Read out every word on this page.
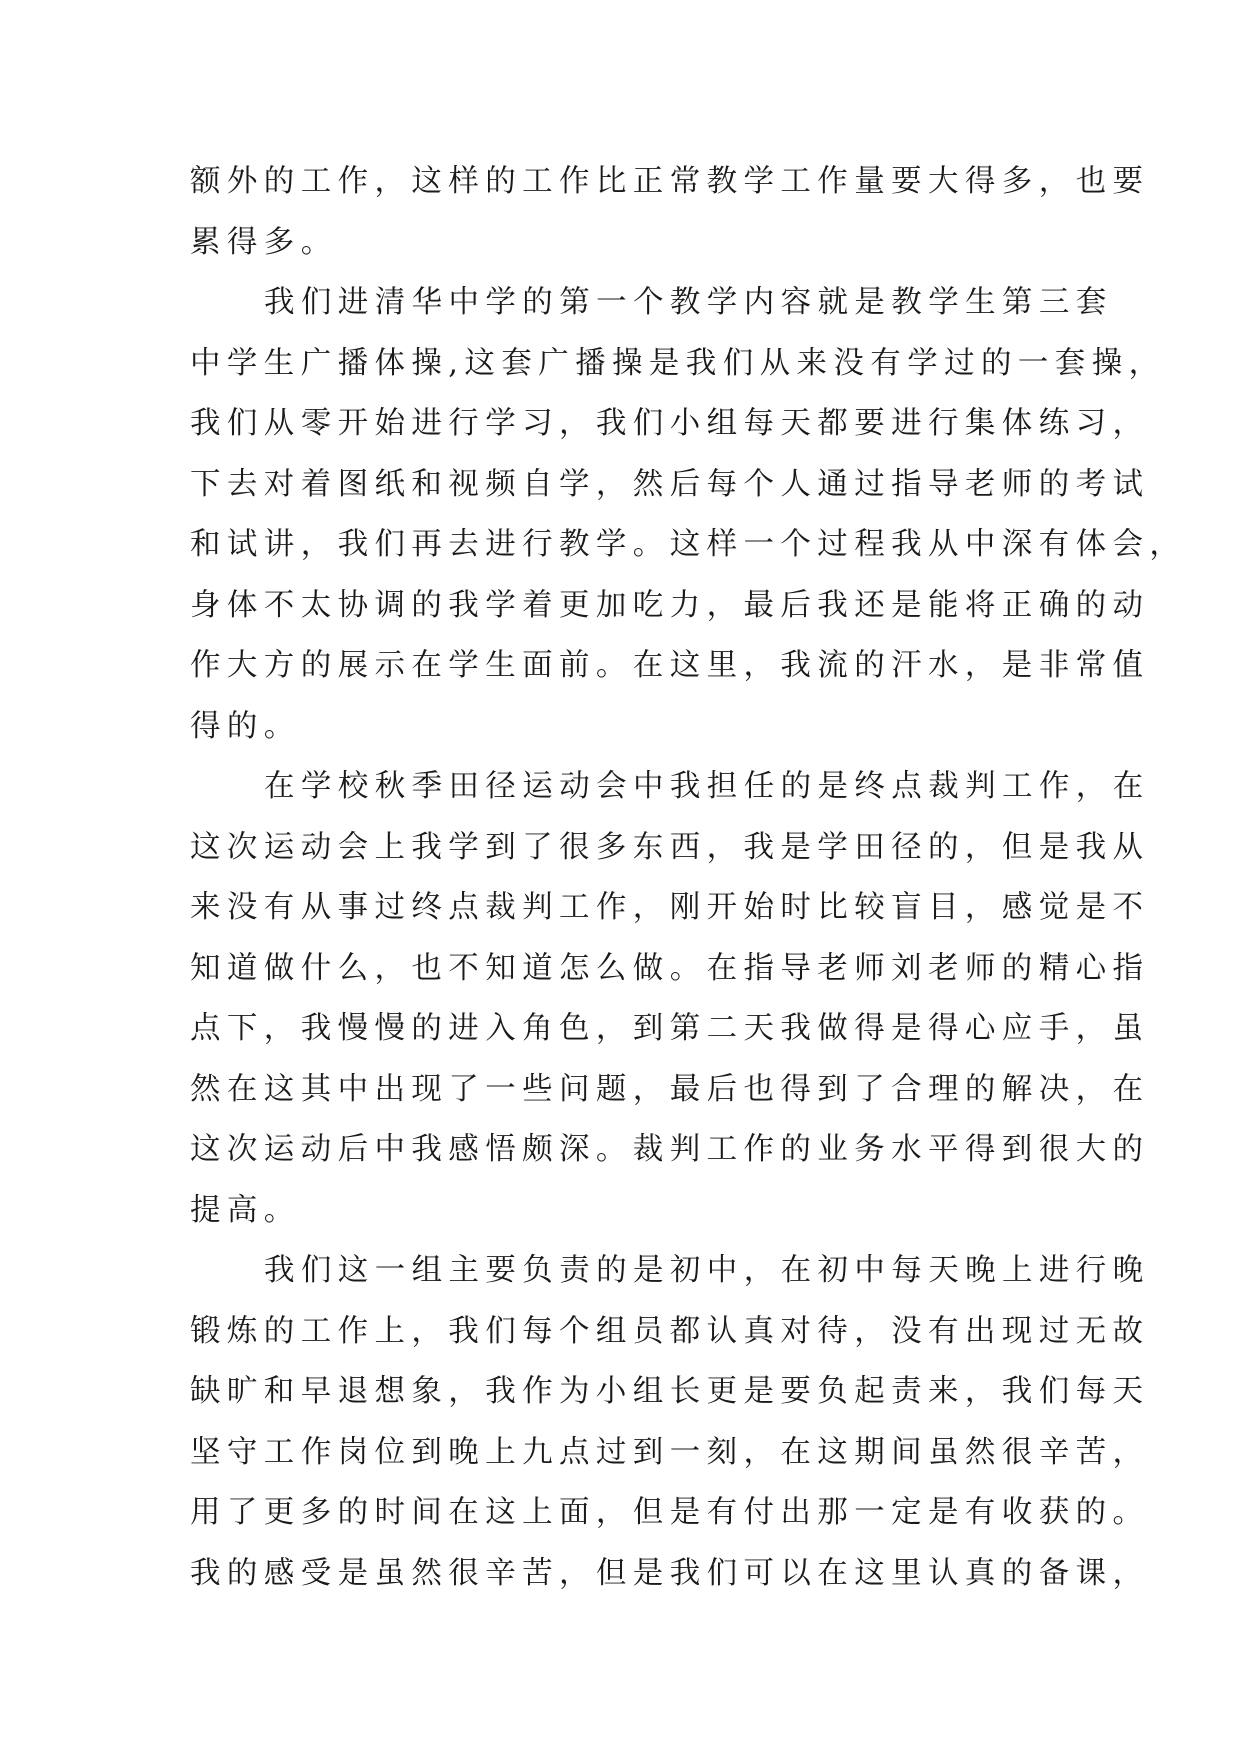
额外的工作，这样的工作比正常教学工作量要大得多，也要
累得多。
我们进清华中学的第一个教学内容就是教学生第三套
中学生广播体操,这套广播操是我们从来没有学过的一套操，
我们从零开始进行学习，我们小组每天都要进行集体练习，
下去对着图纸和视频自学，然后每个人通过指导老师的考试
和试讲，我们再去进行教学。这样一个过程我从中深有体会，
身体不太协调的我学着更加吃力，最后我还是能将正确的动
作大方的展示在学生面前。在这里，我流的汗水，是非常值
得的。
在学校秋季田径运动会中我担任的是终点裁判工作，在
这次运动会上我学到了很多东西，我是学田径的，但是我从
来没有从事过终点裁判工作，刚开始时比较盲目，感觉是不
知道做什么，也不知道怎么做。在指导老师刘老师的精心指
点下，我慢慢的进入角色，到第二天我做得是得心应手，虽
然在这其中出现了一些问题，最后也得到了合理的解决，在
这次运动后中我感悟颇深。裁判工作的业务水平得到很大的
提高。
我们这一组主要负责的是初中，在初中每天晚上进行晚
锻炼的工作上，我们每个组员都认真对待，没有出现过无故
缺旷和早退想象，我作为小组长更是要负起责来，我们每天
坚守工作岗位到晚上九点过到一刻，在这期间虽然很辛苦，
用了更多的时间在这上面，但是有付出那一定是有收获的。
我的感受是虽然很辛苦，但是我们可以在这里认真的备课，
